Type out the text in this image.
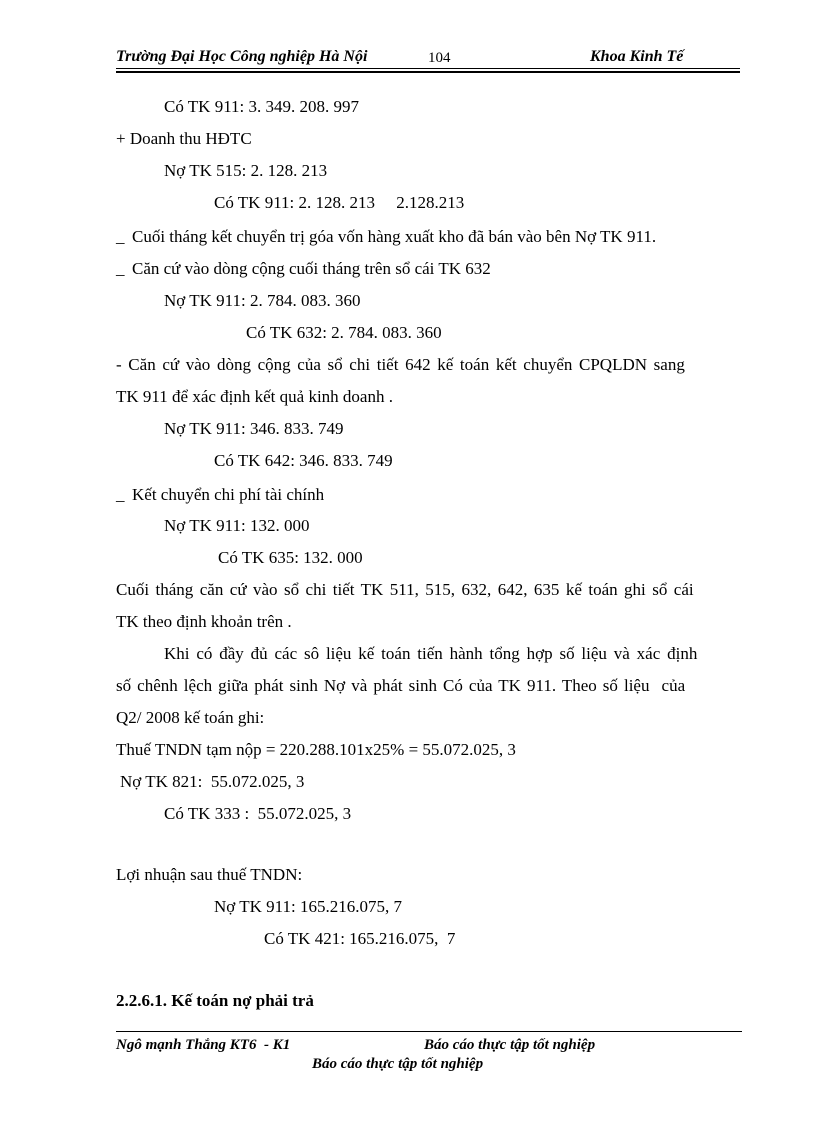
Trường Đại Học Công nghiệp Hà Nội	104	Khoa Kinh Tế
Có TK 911: 3. 349. 208. 997
+ Doanh thu HĐTC
Nợ TK 515: 2. 128. 213
Có TK 911: 2. 128. 213     2.128.213
_ Cuối tháng kết chuyển trị góa vốn hàng xuất kho đã bán vào bên Nợ TK 911.
_ Căn cứ vào dòng cộng cuối tháng trên sổ cái TK 632
Nợ TK 911: 2. 784. 083. 360
Có TK 632: 2. 784. 083. 360
- Căn cứ vào dòng cộng của sổ chi tiết 642 kế toán kết chuyển CPQLDN sang
TK 911 để xác định kết quả kinh doanh .
Nợ TK 911: 346. 833. 749
Có TK 642: 346. 833. 749
_ Kết chuyển chi phí tài chính
Nợ TK 911: 132. 000
Có TK 635: 132. 000
Cuối tháng căn cứ vào sổ chi tiết TK 511, 515, 632, 642, 635 kế toán ghi sổ cái
TK theo định khoản trên .
Khi có đầy đủ các sô liệu kế toán tiến hành tổng hợp số liệu và xác định
số chênh lệch giữa phát sinh Nợ và phát sinh Có của TK 911. Theo số liệu  của
Q2/ 2008 kế toán ghi:
Thuế TNDN tạm nộp = 220.288.101x25% = 55.072.025, 3
Nợ TK 821:  55.072.025, 3
Có TK 333 :  55.072.025, 3
Lợi nhuận sau thuế TNDN:
Nợ TK 911: 165.216.075, 7
Có TK 421: 165.216.075,  7
2.2.6.1. Kế toán nợ phải trả
Ngô mạnh Thắng KT6  - K1	Báo cáo thực tập tốt nghiệp
Báo cáo thực tập tốt nghiệp
